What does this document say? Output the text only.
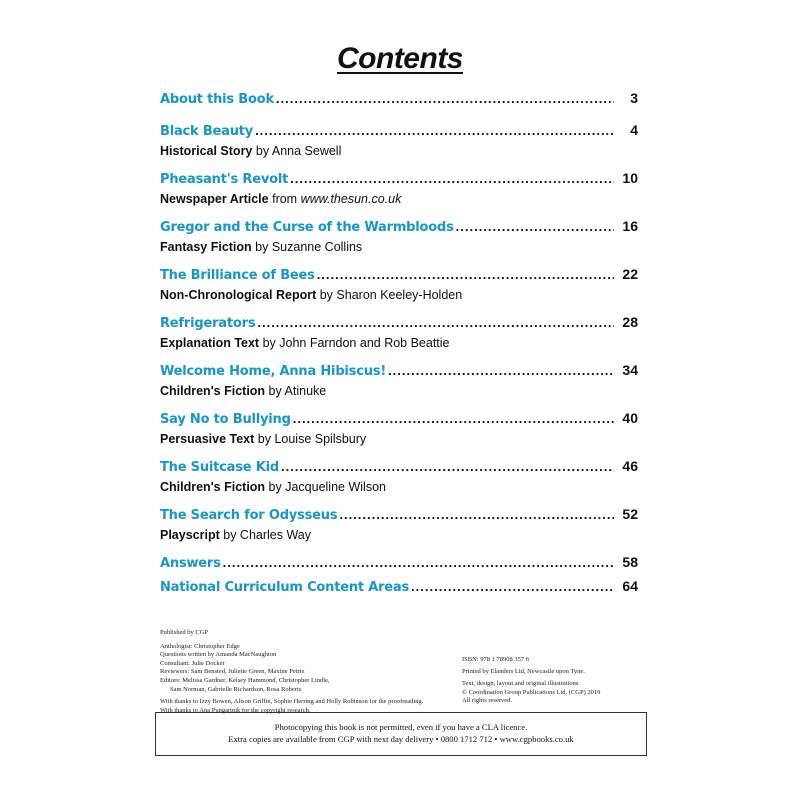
Contents
About this Book .....	3
Black Beauty .....	4
Historical Story by Anna Sewell
Pheasant's Revolt .....	10
Newspaper Article from www.thesun.co.uk
Gregor and the Curse of the Warmbloods .....	16
Fantasy Fiction by Suzanne Collins
The Brilliance of Bees .....	22
Non-Chronological Report by Sharon Keeley-Holden
Refrigerators .....	28
Explanation Text by John Farndon and Rob Beattie
Welcome Home, Anna Hibiscus! .....	34
Children's Fiction by Atinuke
Say No to Bullying .....	40
Persuasive Text by Louise Spilsbury
The Suitcase Kid .....	46
Children's Fiction by Jacqueline Wilson
The Search for Odysseus .....	52
Playscript by Charles Way
Answers .....	58
National Curriculum Content Areas .....	64
Published by CGP
Anthologist: Christopher Edge
Questions written by Amanda MacNaughton
Consultant: Julie Docker
Reviewers: Sam Bensted, Juliette Green, Maxine Petrie
Editors: Melissa Gardner, Kelsey Hammond, Christopher Lindle,
Sam Norman, Gabrielle Richardson, Rosa Roberts
With thanks to Izzy Bowen, Alison Griffin, Sophie Herring and Holly Robinson for the proofreading.
With thanks to Ana Pungartnik for the copyright research.
ISBN: 978 1 78908 357 6
Printed by Elanders Ltd, Newcastle upon Tyne.
Text, design, layout and original illustrations
© Coordination Group Publications Ltd. (CGP) 2019
All rights reserved.
Photocopying this book is not permitted, even if you have a CLA licence.
Extra copies are available from CGP with next day delivery • 0800 1712 712 • www.cgpbooks.co.uk
